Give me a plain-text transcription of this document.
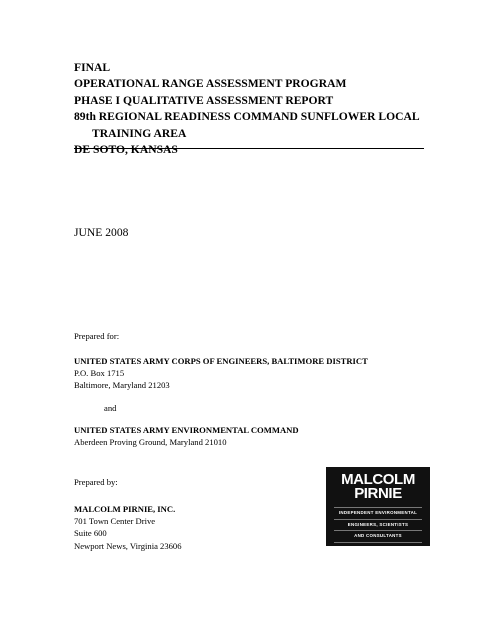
FINAL

OPERATIONAL RANGE ASSESSMENT PROGRAM

PHASE I QUALITATIVE ASSESSMENT REPORT

89th REGIONAL READINESS COMMAND SUNFLOWER LOCAL

TRAINING AREA

DE SOTO, KANSAS

JUNE 2008
Prepared for:
UNITED STATES ARMY CORPS OF ENGINEERS, BALTIMORE DISTRICT
P.O. Box 1715
Baltimore, Maryland 21203
and
UNITED STATES ARMY ENVIRONMENTAL COMMAND
Aberdeen Proving Ground, Maryland 21010
Prepared by:
MALCOLM PIRNIE, INC.
701 Town Center Drive
Suite 600
Newport News, Virginia 23606
MALCOLM
PIRNIE
INDEPENDENT ENVIRONMENTAL
ENGINEERS, SCIENTISTS
AND CONSULTANTS
